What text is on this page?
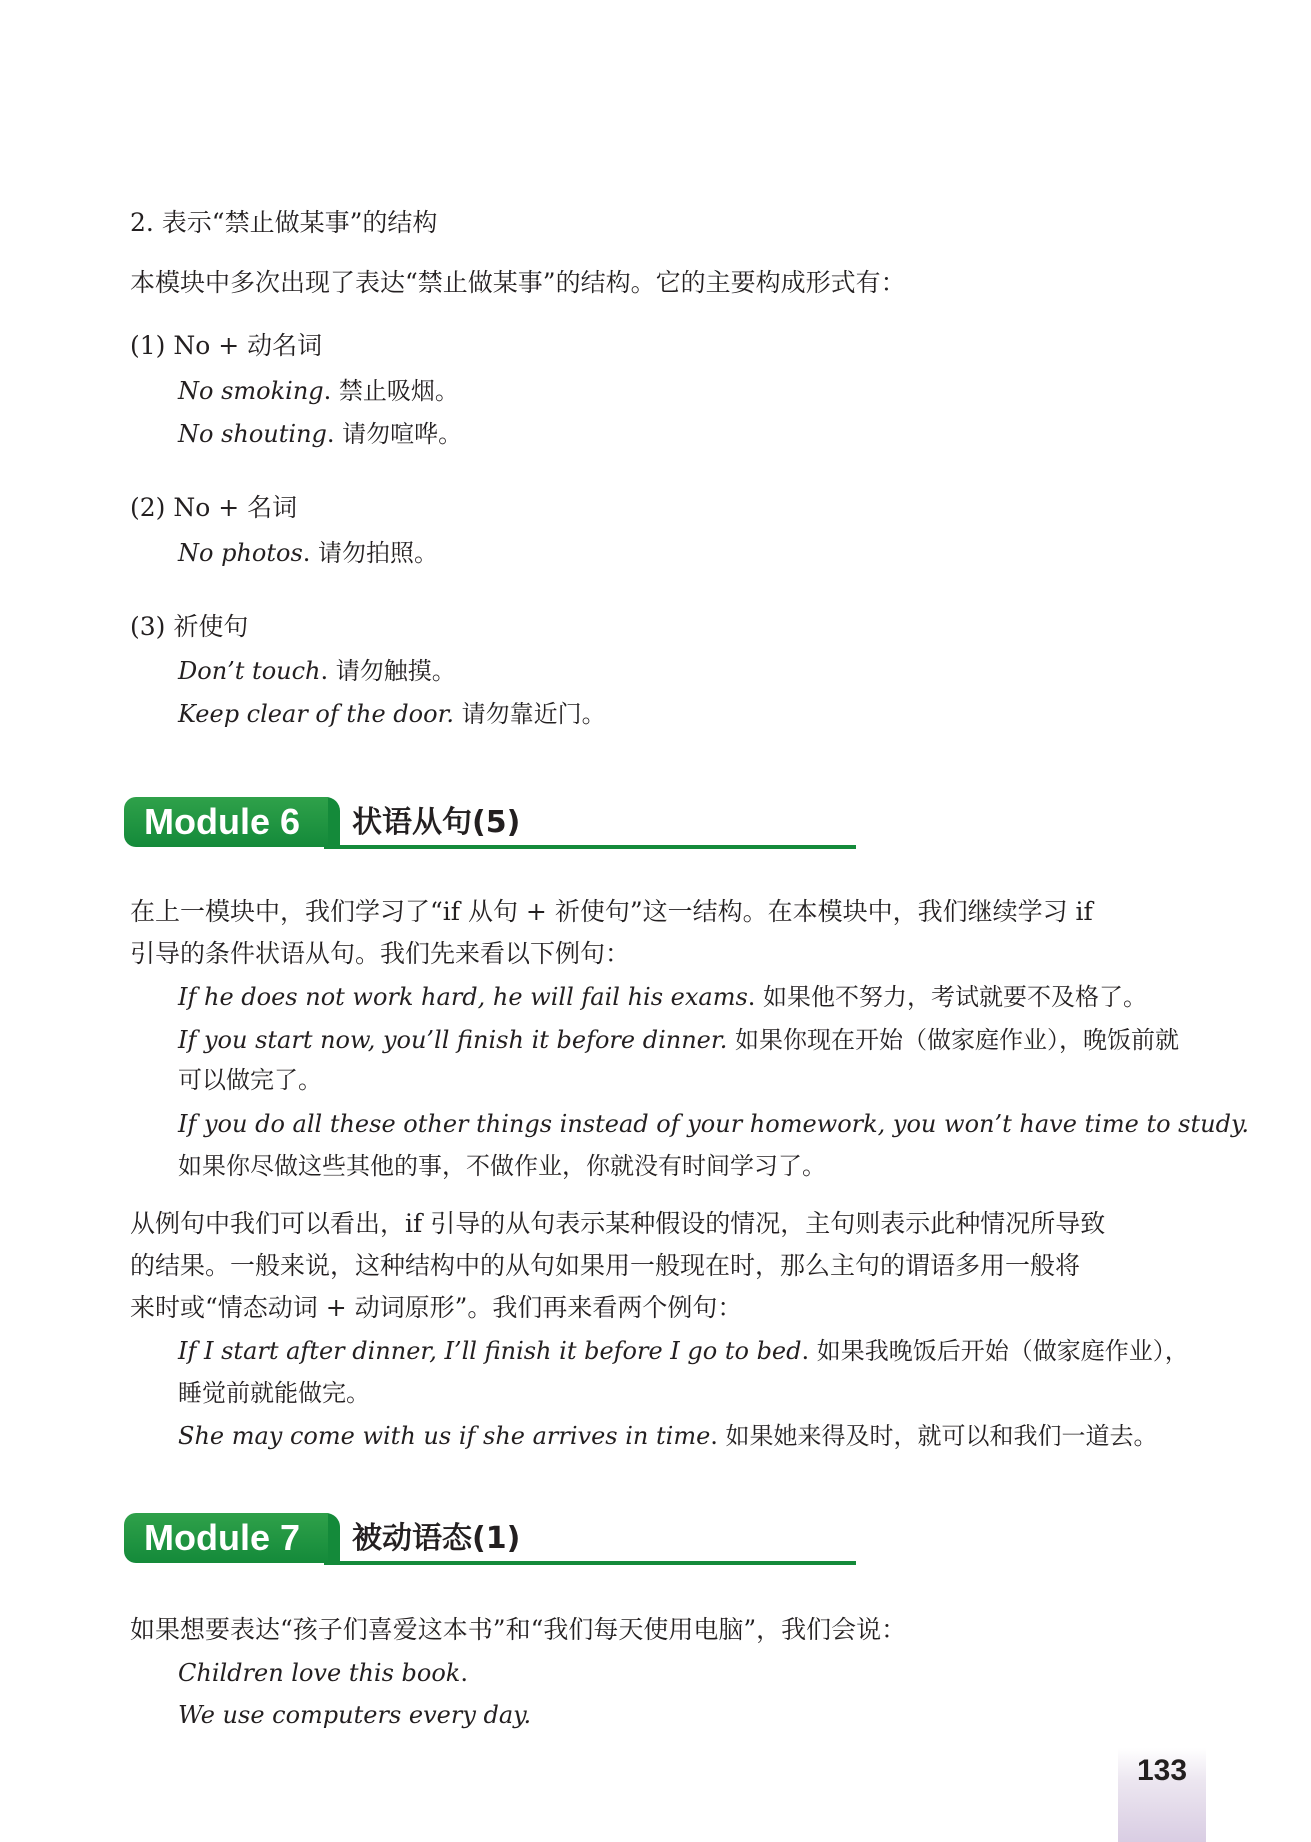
2. 表示“禁止做某事”的结构
本模块中多次出现了表达“禁止做某事”的结构。它的主要构成形式有：
(1) No + 动名词
No smoking. 禁止吸烟。
No shouting. 请勿喧哗。
(2) No + 名词
No photos. 请勿拍照。
(3) 祈使句
Don’t touch. 请勿触摸。
Keep clear of the door. 请勿靠近门。
Module 6	状语从句(5)
在上一模块中，我们学习了“if 从句 + 祈使句”这一结构。在本模块中，我们继续学习 if
引导的条件状语从句。我们先来看以下例句：
If he does not work hard, he will fail his exams. 如果他不努力，考试就要不及格了。
If you start now, you’ll finish it before dinner. 如果你现在开始（做家庭作业），晚饭前就
可以做完了。
If you do all these other things instead of your homework, you won’t have time to study.
如果你尽做这些其他的事，不做作业，你就没有时间学习了。
从例句中我们可以看出，if 引导的从句表示某种假设的情况，主句则表示此种情况所导致
的结果。一般来说，这种结构中的从句如果用一般现在时，那么主句的谓语多用一般将
来时或“情态动词 + 动词原形”。我们再来看两个例句：
If I start after dinner, I’ll finish it before I go to bed. 如果我晚饭后开始（做家庭作业），
睡觉前就能做完。
She may come with us if she arrives in time. 如果她来得及时，就可以和我们一道去。
Module 7	被动语态(1)
如果想要表达“孩子们喜爱这本书”和“我们每天使用电脑”，我们会说：
Children love this book.
We use computers every day.
133
